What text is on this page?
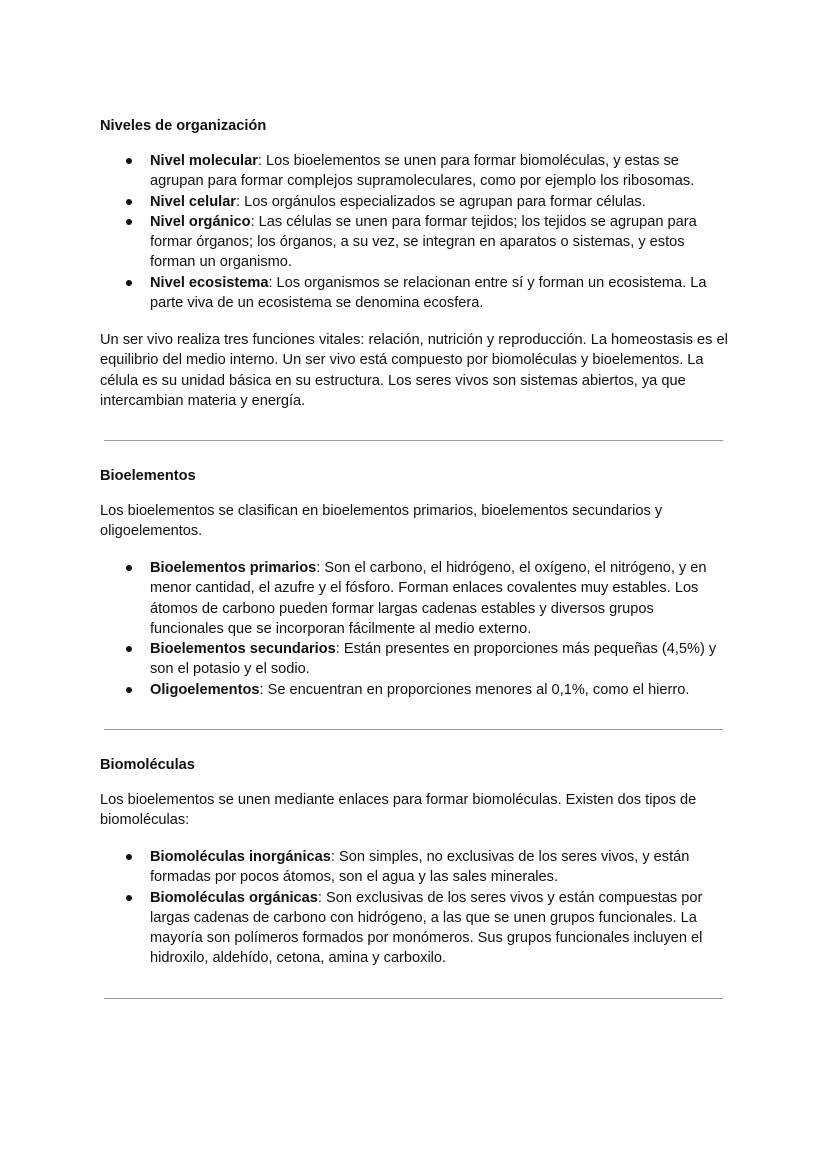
Niveles de organización
Nivel molecular: Los bioelementos se unen para formar biomoléculas, y estas se agrupan para formar complejos supramoleculares, como por ejemplo los ribosomas.
Nivel celular: Los orgánulos especializados se agrupan para formar células.
Nivel orgánico: Las células se unen para formar tejidos; los tejidos se agrupan para formar órganos; los órganos, a su vez, se integran en aparatos o sistemas, y estos forman un organismo.
Nivel ecosistema: Los organismos se relacionan entre sí y forman un ecosistema. La parte viva de un ecosistema se denomina ecosfera.

Un ser vivo realiza tres funciones vitales: relación, nutrición y reproducción. La homeostasis es el equilibrio del medio interno. Un ser vivo está compuesto por biomoléculas y bioelementos. La célula es su unidad básica en su estructura. Los seres vivos son sistemas abiertos, ya que intercambian materia y energía.

Bioelementos

Los bioelementos se clasifican en bioelementos primarios, bioelementos secundarios y oligoelementos.

Bioelementos primarios: Son el carbono, el hidrógeno, el oxígeno, el nitrógeno, y en menor cantidad, el azufre y el fósforo. Forman enlaces covalentes muy estables. Los átomos de carbono pueden formar largas cadenas estables y diversos grupos funcionales que se incorporan fácilmente al medio externo.
Bioelementos secundarios: Están presentes en proporciones más pequeñas (4,5%) y son el potasio y el sodio.
Oligoelementos: Se encuentran en proporciones menores al 0,1%, como el hierro.
Biomoléculas

Los bioelementos se unen mediante enlaces para formar biomoléculas. Existen dos tipos de biomoléculas:

Biomoléculas inorgánicas: Son simples, no exclusivas de los seres vivos, y están formadas por pocos átomos, son el agua y las sales minerales.
Biomoléculas orgánicas: Son exclusivas de los seres vivos y están compuestas por largas cadenas de carbono con hidrógeno, a las que se unen grupos funcionales. La mayoría son polímeros formados por monómeros. Sus grupos funcionales incluyen el hidroxilo, aldehído, cetona, amina y carboxilo.
